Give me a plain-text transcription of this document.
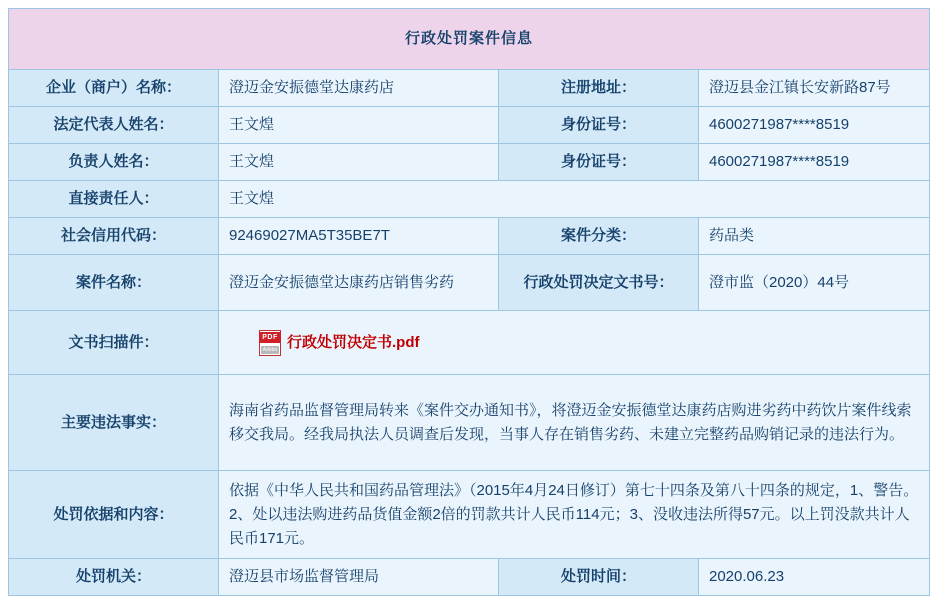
行政处罚案件信息			
企业（商户）名称：	澄迈金安振德堂达康药店	注册地址：	澄迈县金江镇长安新路87号
法定代表人姓名：	王文煌	身份证号：	4600271987****8519
负责人姓名：	王文煌	身份证号：	4600271987****8519
直接责任人：	王文煌		
社会信用代码：	92469027MA5T35BE7T	案件分类：	药品类
案件名称：	澄迈金安振德堂达康药店销售劣药	行政处罚决定文书号：	澄市监（2020）44号
文书扫描件：	PDF
Adobe 行政处罚决定书.pdf		

主要违法事实：	海南省药品监督管理局转来《案件交办通知书》，将澄迈金安振德堂达康药店购进劣药中药饮片案件线索移交我局。经我局执法人员调查后发现，当事人存在销售劣药、未建立完整药品购销记录的违法行为。		
处罚依据和内容：	依据《中华人民共和国药品管理法》（2015年4月24日修订）第七十四条及第八十四条的规定，1、警告。2、处以违法购进药品货值金额2倍的罚款共计人民币114元；3、没收违法所得57元。以上罚没款共计人民币171元。		
处罚机关：	澄迈县市场监督管理局	处罚时间：	2020.06.23
